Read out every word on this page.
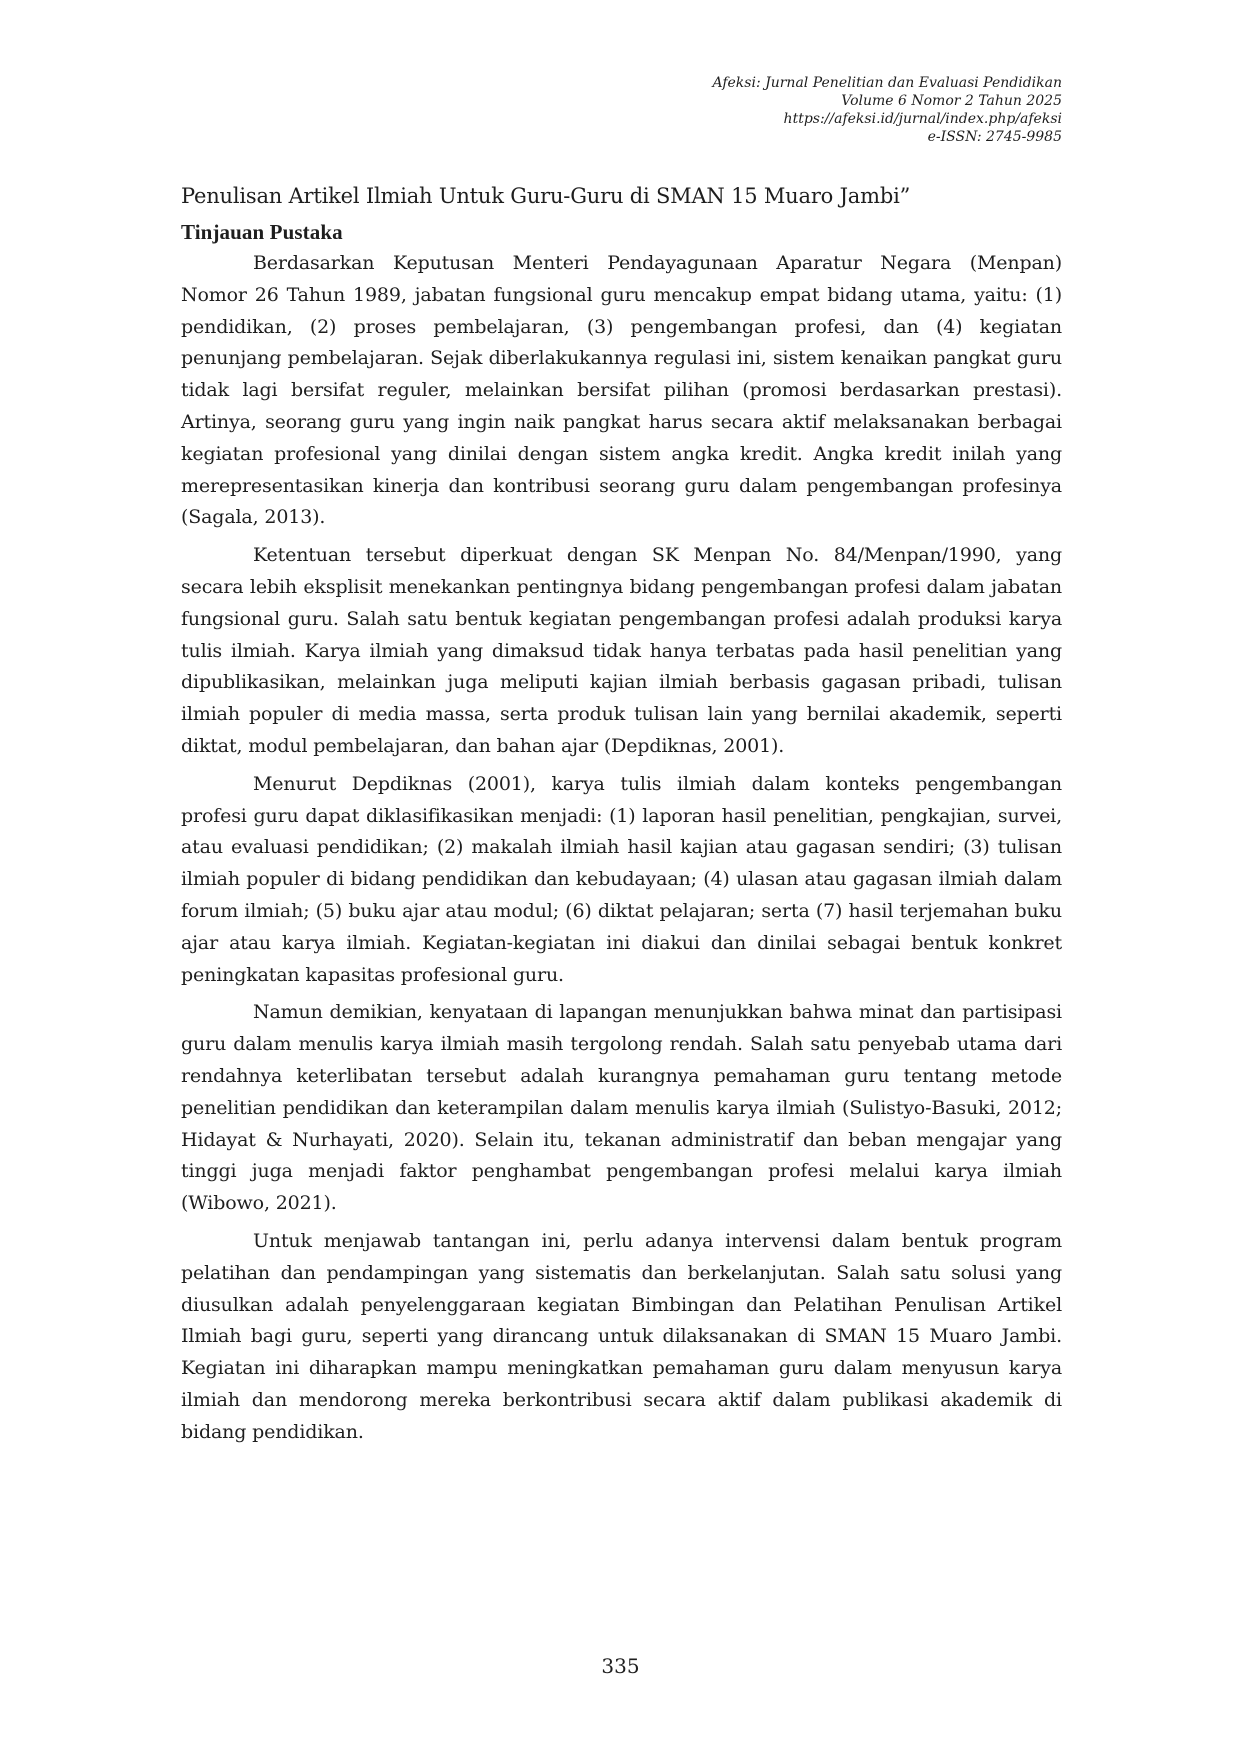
Afeksi: Jurnal Penelitian dan Evaluasi Pendidikan
Volume 6 Nomor 2 Tahun 2025
https://afeksi.id/jurnal/index.php/afeksi
e-ISSN: 2745-9985

Penulisan Artikel Ilmiah Untuk Guru-Guru di SMAN 15 Muaro Jambi”

Tinjauan Pustaka

Berdasarkan Keputusan Menteri Pendayagunaan Aparatur Negara (Menpan)
Nomor 26 Tahun 1989, jabatan fungsional guru mencakup empat bidang utama, yaitu: (1)
pendidikan, (2) proses pembelajaran, (3) pengembangan profesi, dan (4) kegiatan
penunjang pembelajaran. Sejak diberlakukannya regulasi ini, sistem kenaikan pangkat guru
tidak lagi bersifat reguler, melainkan bersifat pilihan (promosi berdasarkan prestasi).
Artinya, seorang guru yang ingin naik pangkat harus secara aktif melaksanakan berbagai
kegiatan profesional yang dinilai dengan sistem angka kredit. Angka kredit inilah yang
merepresentasikan kinerja dan kontribusi seorang guru dalam pengembangan profesinya
(Sagala, 2013).

Ketentuan tersebut diperkuat dengan SK Menpan No. 84/Menpan/1990, yang
secara lebih eksplisit menekankan pentingnya bidang pengembangan profesi dalam jabatan
fungsional guru. Salah satu bentuk kegiatan pengembangan profesi adalah produksi karya
tulis ilmiah. Karya ilmiah yang dimaksud tidak hanya terbatas pada hasil penelitian yang
dipublikasikan, melainkan juga meliputi kajian ilmiah berbasis gagasan pribadi, tulisan
ilmiah populer di media massa, serta produk tulisan lain yang bernilai akademik, seperti
diktat, modul pembelajaran, dan bahan ajar (Depdiknas, 2001).

Menurut Depdiknas (2001), karya tulis ilmiah dalam konteks pengembangan
profesi guru dapat diklasifikasikan menjadi: (1) laporan hasil penelitian, pengkajian, survei,
atau evaluasi pendidikan; (2) makalah ilmiah hasil kajian atau gagasan sendiri; (3) tulisan
ilmiah populer di bidang pendidikan dan kebudayaan; (4) ulasan atau gagasan ilmiah dalam
forum ilmiah; (5) buku ajar atau modul; (6) diktat pelajaran; serta (7) hasil terjemahan buku
ajar atau karya ilmiah. Kegiatan-kegiatan ini diakui dan dinilai sebagai bentuk konkret
peningkatan kapasitas profesional guru.

Namun demikian, kenyataan di lapangan menunjukkan bahwa minat dan partisipasi
guru dalam menulis karya ilmiah masih tergolong rendah. Salah satu penyebab utama dari
rendahnya keterlibatan tersebut adalah kurangnya pemahaman guru tentang metode
penelitian pendidikan dan keterampilan dalam menulis karya ilmiah (Sulistyo-Basuki, 2012;
Hidayat & Nurhayati, 2020). Selain itu, tekanan administratif dan beban mengajar yang
tinggi juga menjadi faktor penghambat pengembangan profesi melalui karya ilmiah
(Wibowo, 2021).

Untuk menjawab tantangan ini, perlu adanya intervensi dalam bentuk program
pelatihan dan pendampingan yang sistematis dan berkelanjutan. Salah satu solusi yang
diusulkan adalah penyelenggaraan kegiatan Bimbingan dan Pelatihan Penulisan Artikel
Ilmiah bagi guru, seperti yang dirancang untuk dilaksanakan di SMAN 15 Muaro Jambi.
Kegiatan ini diharapkan mampu meningkatkan pemahaman guru dalam menyusun karya
ilmiah dan mendorong mereka berkontribusi secara aktif dalam publikasi akademik di
bidang pendidikan.

335
